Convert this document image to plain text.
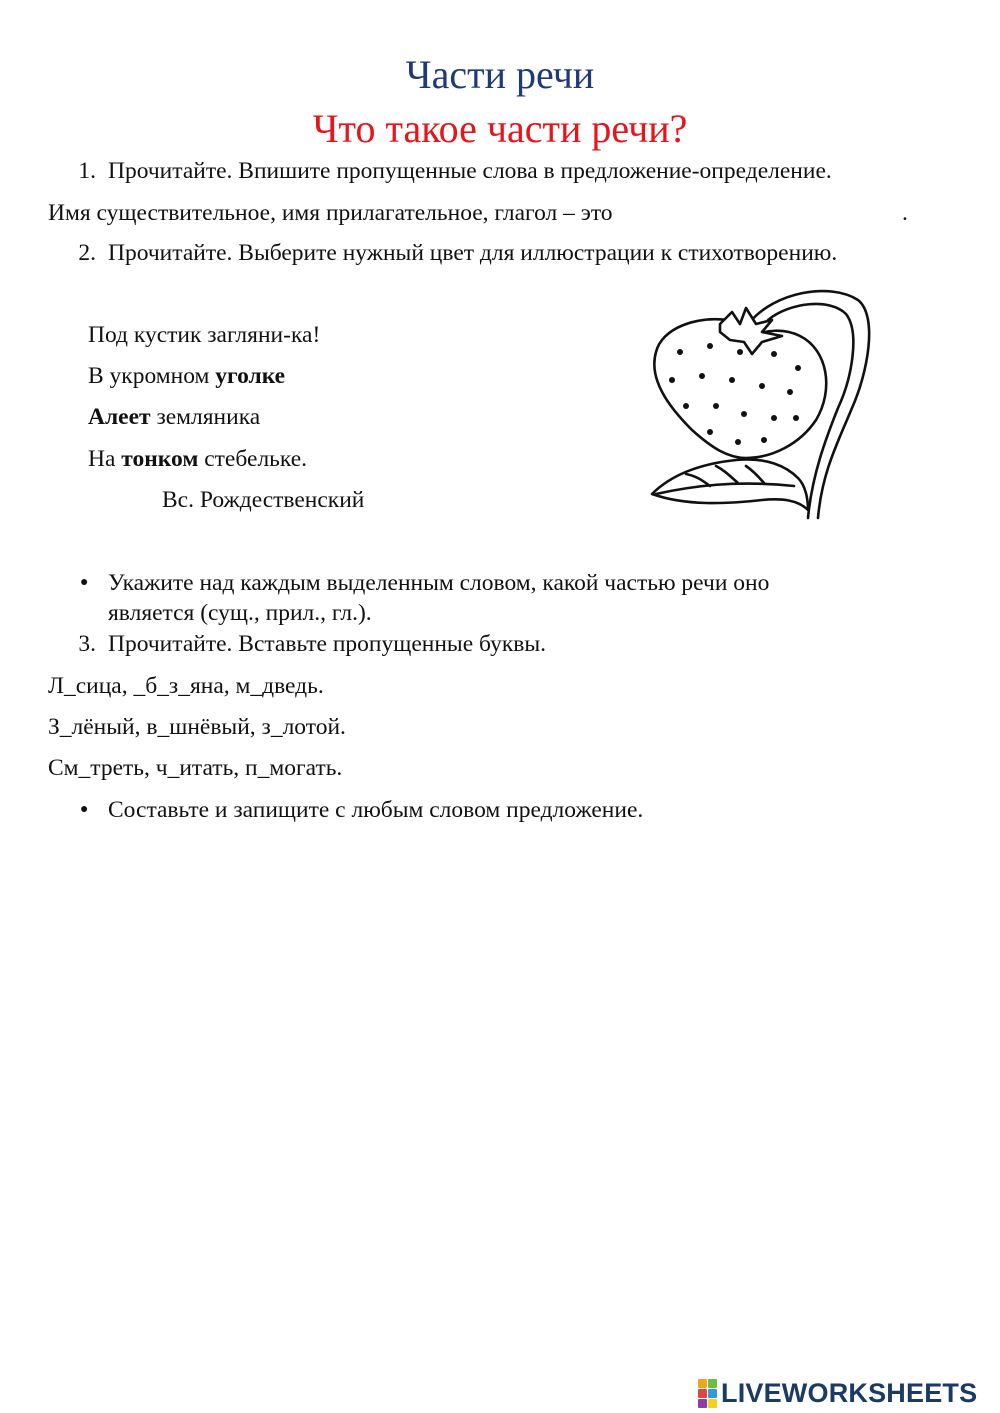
Части речи
Что такое части речи?
1. Прочитайте. Впишите пропущенные слова в предложение-определение.
Имя существительное, имя прилагательное, глагол – это	.
2. Прочитайте. Выберите нужный цвет для иллюстрации к стихотворению.
Под кустик загляни-ка!
В укромном уголке
Алеет земляника
На тонком стебельке.
Вс. Рождественский
● Укажите над каждым выделенным словом, какой частью речи оно
является (сущ., прил., гл.).
3. Прочитайте. Вставьте пропущенные буквы.
Л_сица, _б_з_яна, м_дведь.
З_лёный, в_шнёвый, з_лотой.
См_треть, ч_итать, п_могать.
● Составьте и запищите с любым словом предложение.
LIVEWORKSHEETS
